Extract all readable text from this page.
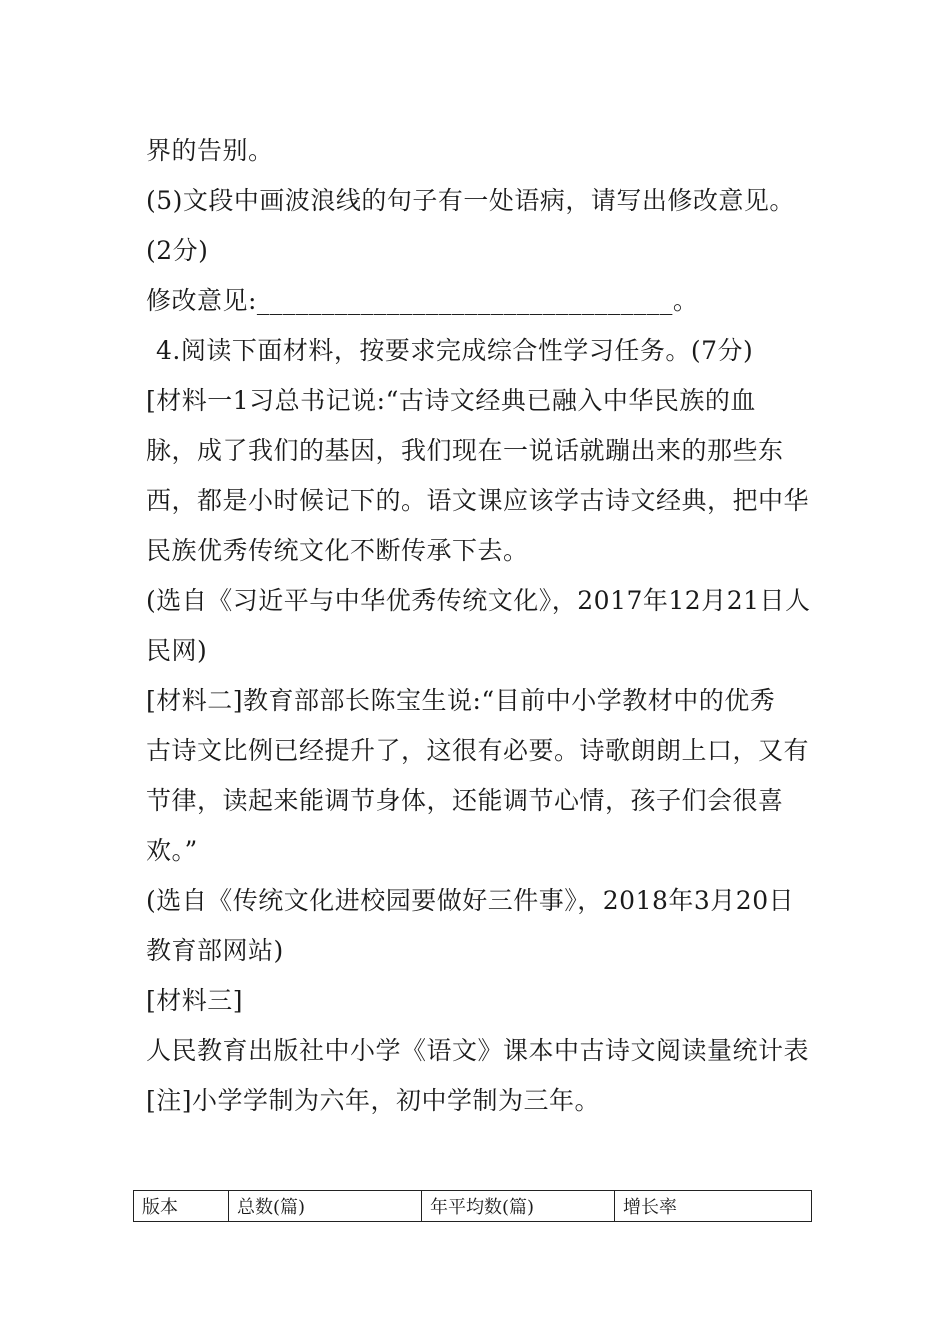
界的告别。
(5)文段中画波浪线的句子有一处语病，请写出修改意见。
(2分)
修改意见:________________________________。
4.阅读下面材料，按要求完成综合性学习任务。(7分)
[材料一1习总书记说:“古诗文经典已融入中华民族的血
脉，成了我们的基因，我们现在一说话就蹦出来的那些东
西，都是小时候记下的。语文课应该学古诗文经典，把中华
民族优秀传统文化不断传承下去。
(选自《习近平与中华优秀传统文化》，2017年12月21日人
民网)
[材料二]教育部部长陈宝生说:“目前中小学教材中的优秀
古诗文比例已经提升了，这很有必要。诗歌朗朗上口，又有
节律，读起来能调节身体，还能调节心情，孩子们会很喜
欢。”
(选自《传统文化进校园要做好三件事》，2018年3月20日
教育部网站)
[材料三]
人民教育出版社中小学《语文》课本中古诗文阅读量统计表
[注]小学学制为六年，初中学制为三年。
版本	总数(篇)	年平均数(篇)	增长率
